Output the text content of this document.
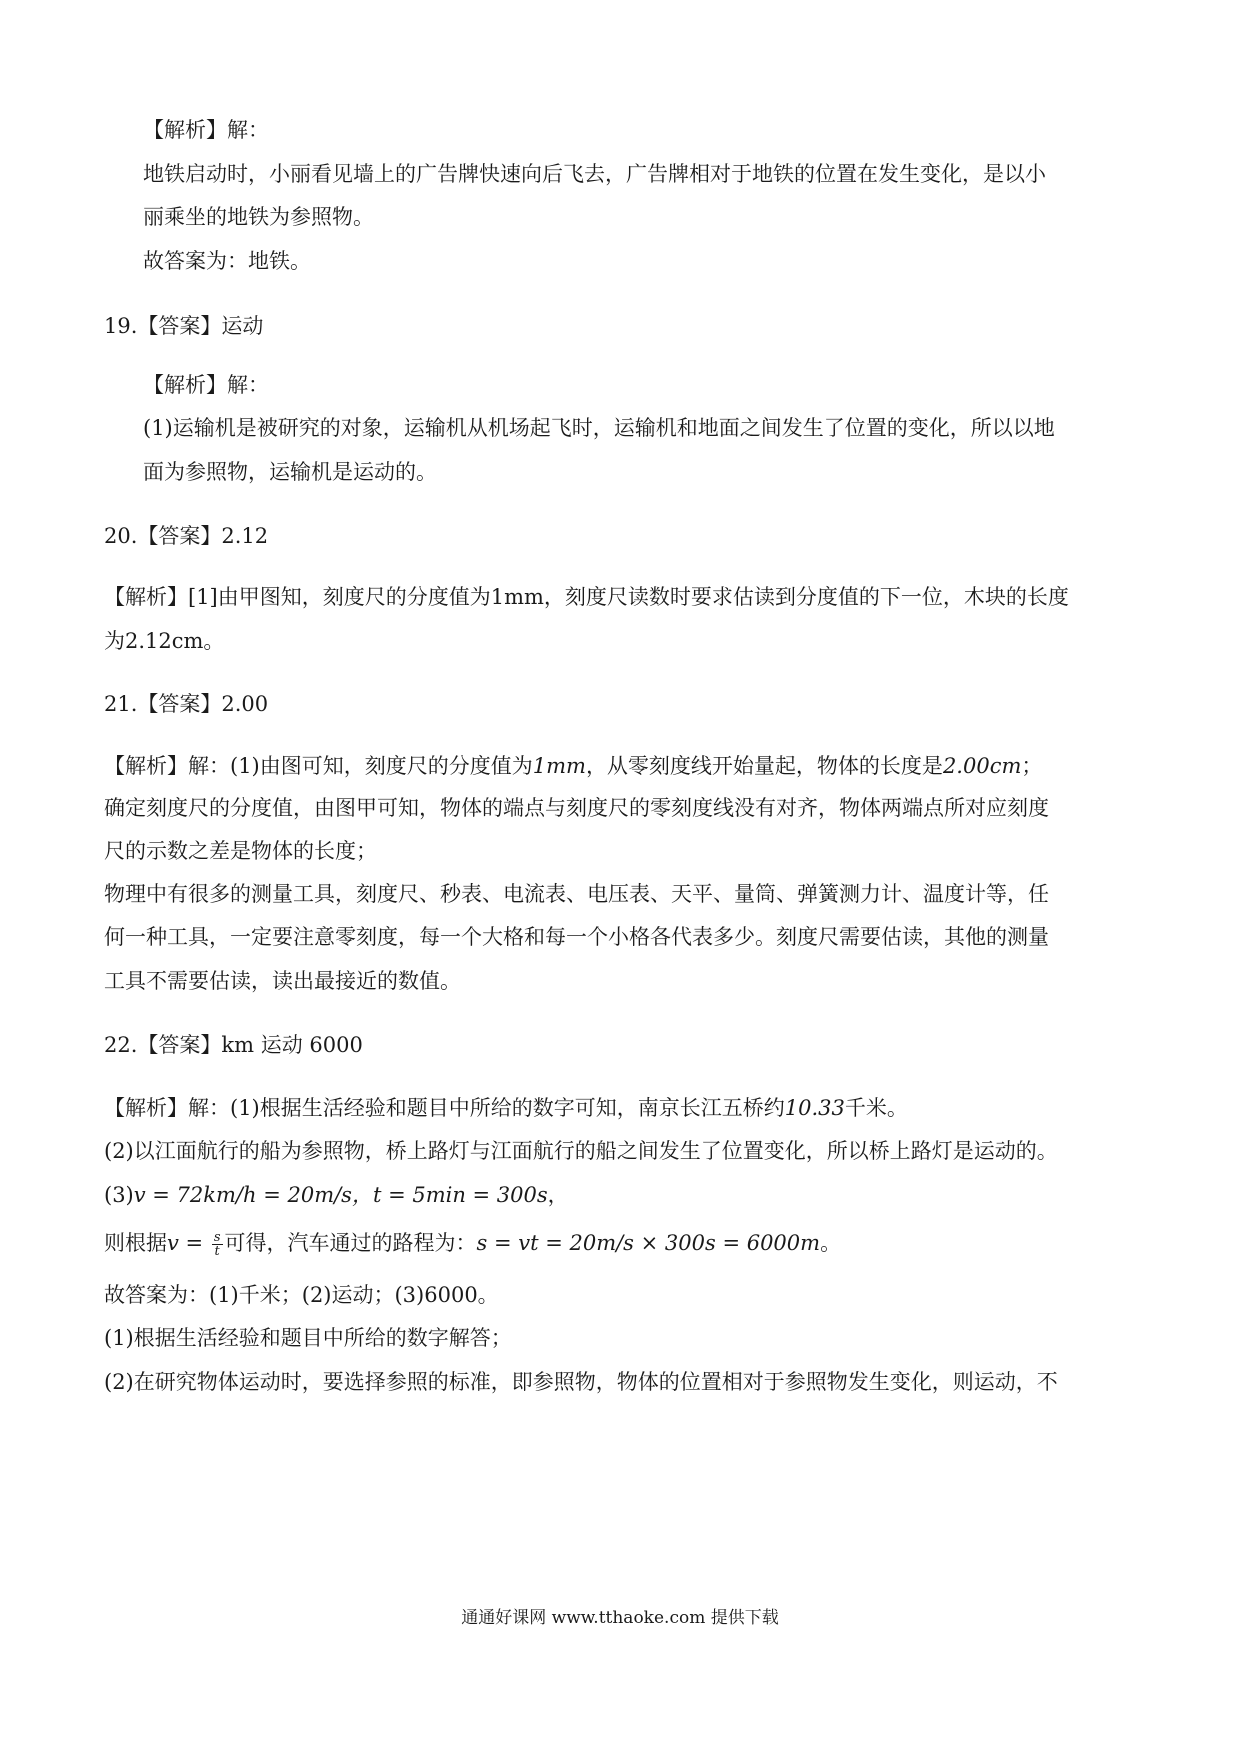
【解析】解：
地铁启动时，小丽看见墙上的广告牌快速向后飞去，广告牌相对于地铁的位置在发生变化，是以小
丽乘坐的地铁为参照物。
故答案为：地铁。
19.【答案】运动
【解析】解：
(1)运输机是被研究的对象，运输机从机场起飞时，运输机和地面之间发生了位置的变化，所以以地
面为参照物，运输机是运动的。
20.【答案】2.12
【解析】[1]由甲图知，刻度尺的分度值为1mm，刻度尺读数时要求估读到分度值的下一位，木块的长度
为2.12cm。
21.【答案】2.00
【解析】解：(1)由图可知，刻度尺的分度值为1mm，从零刻度线开始量起，物体的长度是2.00cm；
确定刻度尺的分度值，由图甲可知，物体的端点与刻度尺的零刻度线没有对齐，物体两端点所对应刻度
尺的示数之差是物体的长度；
物理中有很多的测量工具，刻度尺、秒表、电流表、电压表、天平、量筒、弹簧测力计、温度计等，任
何一种工具，一定要注意零刻度，每一个大格和每一个小格各代表多少。刻度尺需要估读，其他的测量
工具不需要估读，读出最接近的数值。
22.【答案】km 运动 6000
【解析】解：(1)根据生活经验和题目中所给的数字可知，南京长江五桥约10.33千米。
(2)以江面航行的船为参照物，桥上路灯与江面航行的船之间发生了位置变化，所以桥上路灯是运动的。
(3)v = 72km/h = 20m/s，t = 5min = 300s，
则根据$v = \frac{s}{t}$ 可得，汽车通过的路程为：s = vt = 20m/s × 300s = 6000m。
故答案为：(1)千米；(2)运动；(3)6000。
(1)根据生活经验和题目中所给的数字解答；
(2)在研究物体运动时，要选择参照的标准，即参照物，物体的位置相对于参照物发生变化，则运动，不
通通好课网 www.tthaoke.com 提供下载
